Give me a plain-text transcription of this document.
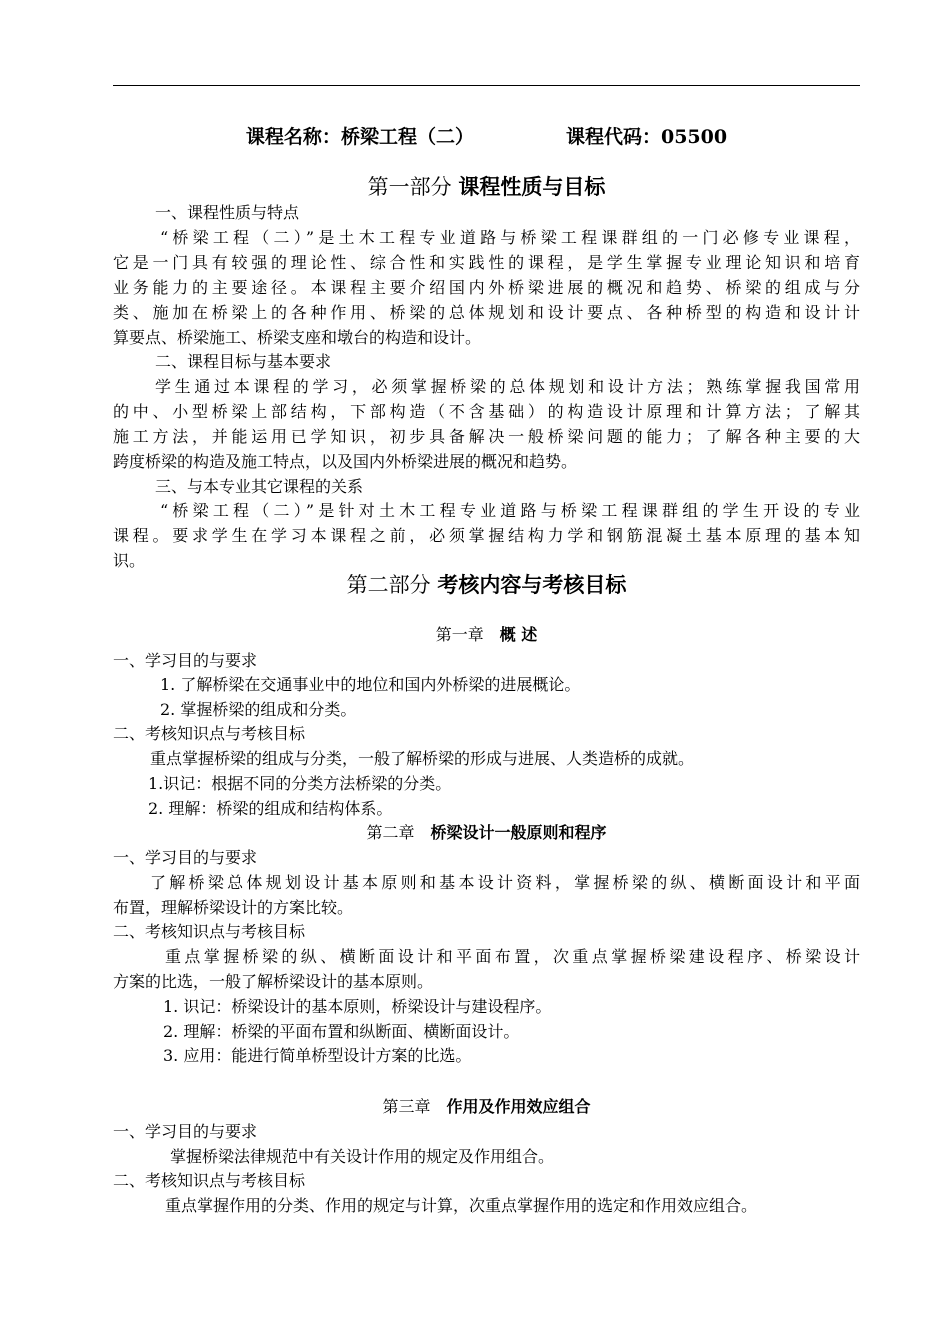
课程名称：桥梁工程（二）	课程代码：05500
第一部分 课程性质与目标
一、课程性质与特点
“桥梁工程（二）”是土木工程专业道路与桥梁工程课群组的一门必修专业课程，
它是一门具有较强的理论性、综合性和实践性的课程，是学生掌握专业理论知识和培育
业务能力的主要途径。本课程主要介绍国内外桥梁进展的概况和趋势、桥梁的组成与分
类、施加在桥梁上的各种作用、桥梁的总体规划和设计要点、各种桥型的构造和设计计
算要点、桥梁施工、桥梁支座和墩台的构造和设计。
二、课程目标与基本要求
学生通过本课程的学习，必须掌握桥梁的总体规划和设计方法；熟练掌握我国常用
的中、小型桥梁上部结构，下部构造（不含基础）的构造设计原理和计算方法；了解其
施工方法，并能运用已学知识，初步具备解决一般桥梁问题的能力；了解各种主要的大
跨度桥梁的构造及施工特点，以及国内外桥梁进展的概况和趋势。
三、与本专业其它课程的关系
“桥梁工程（二）”是针对土木工程专业道路与桥梁工程课群组的学生开设的专业
课程。要求学生在学习本课程之前，必须掌握结构力学和钢筋混凝土基本原理的基本知
识。
第二部分 考核内容与考核目标
第一章 概 述
一、学习目的与要求
1. 了解桥梁在交通事业中的地位和国内外桥梁的进展概论。
2. 掌握桥梁的组成和分类。
二、考核知识点与考核目标
重点掌握桥梁的组成与分类，一般了解桥梁的形成与进展、人类造桥的成就。
1.识记：根据不同的分类方法桥梁的分类。
2. 理解：桥梁的组成和结构体系。
第二章 桥梁设计一般原则和程序
一、学习目的与要求
了解桥梁总体规划设计基本原则和基本设计资料，掌握桥梁的纵、横断面设计和平面
布置，理解桥梁设计的方案比较。
二、考核知识点与考核目标
重点掌握桥梁的纵、横断面设计和平面布置，次重点掌握桥梁建设程序、桥梁设计
方案的比选，一般了解桥梁设计的基本原则。
1. 识记：桥梁设计的基本原则，桥梁设计与建设程序。
2. 理解：桥梁的平面布置和纵断面、横断面设计。
3. 应用：能进行简单桥型设计方案的比选。
第三章 作用及作用效应组合
一、学习目的与要求
掌握桥梁法律规范中有关设计作用的规定及作用组合。
二、考核知识点与考核目标
重点掌握作用的分类、作用的规定与计算，次重点掌握作用的选定和作用效应组合。
